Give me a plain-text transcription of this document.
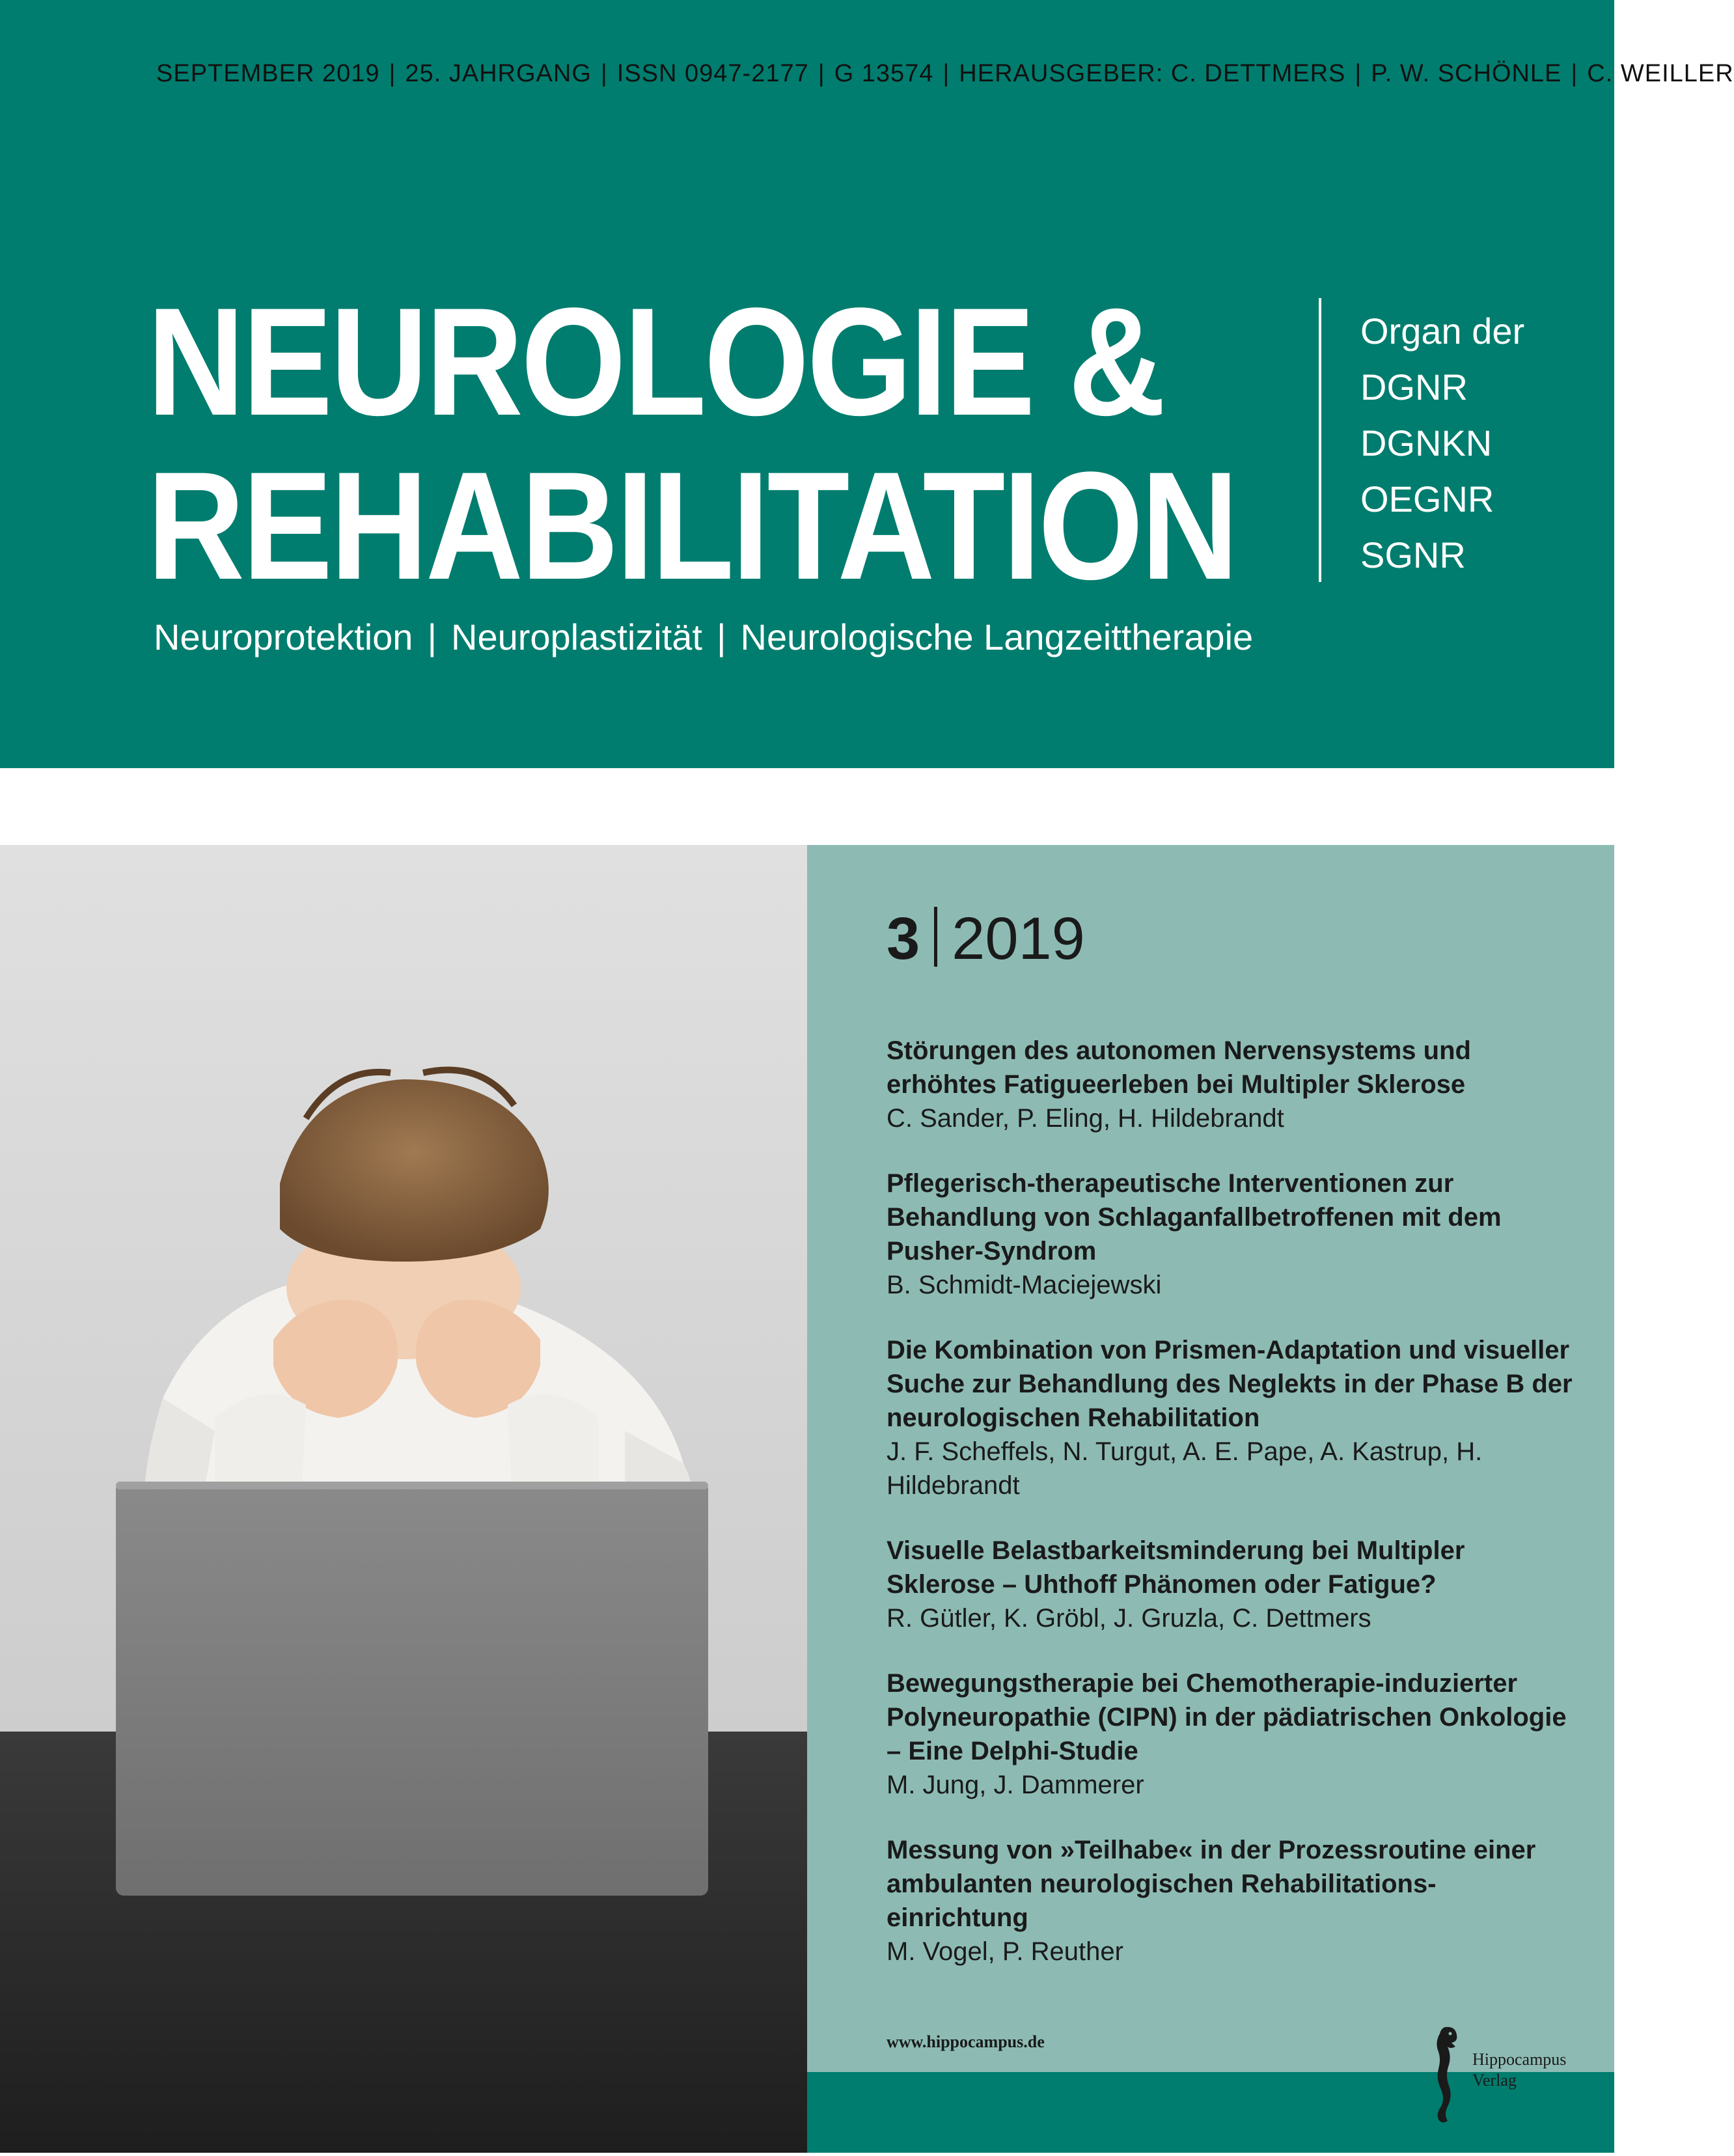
SEPTEMBER 2019 | 25. JAHRGANG | ISSN 0947-2177 | G 13574 | HERAUSGEBER: C. DETTMERS | P. W. SCHÖNLE | C. WEILLER
NEUROLOGIE &
REHABILITATION
Neuroprotektion | Neuroplastizität | Neurologische Langzeittherapie
Organ der
DGNR
DGNKN
OEGNR
SGNR
3 2019
Störungen des autonomen Nervensystems und erhöhtes Fatigueerleben bei Multipler Sklerose
C. Sander, P. Eling, H. Hildebrandt
Pflegerisch-therapeutische Interventionen zur Behandlung von Schlaganfallbetroffenen mit dem Pusher-Syndrom
B. Schmidt-Maciejewski
Die Kombination von Prismen-Adaptation und visueller Suche zur Behandlung des Neglekts in der Phase B der neurologischen Rehabilitation
J. F. Scheffels, N. Turgut, A. E. Pape, A. Kastrup, H. Hildebrandt
Visuelle Belastbarkeitsminderung bei Multipler Sklerose – Uhthoff Phänomen oder Fatigue?
R. Gütler, K. Gröbl, J. Gruzla, C. Dettmers
Bewegungstherapie bei Chemotherapie-induzierter Polyneuropathie (CIPN) in der pädiatrischen Onkologie – Eine Delphi-Studie
M. Jung, J. Dammerer
Messung von »Teilhabe« in der Prozessroutine einer ambulanten neurologischen Rehabilitations-einrichtung
M. Vogel, P. Reuther
www.hippocampus.de
Hippocampus
Verlag
